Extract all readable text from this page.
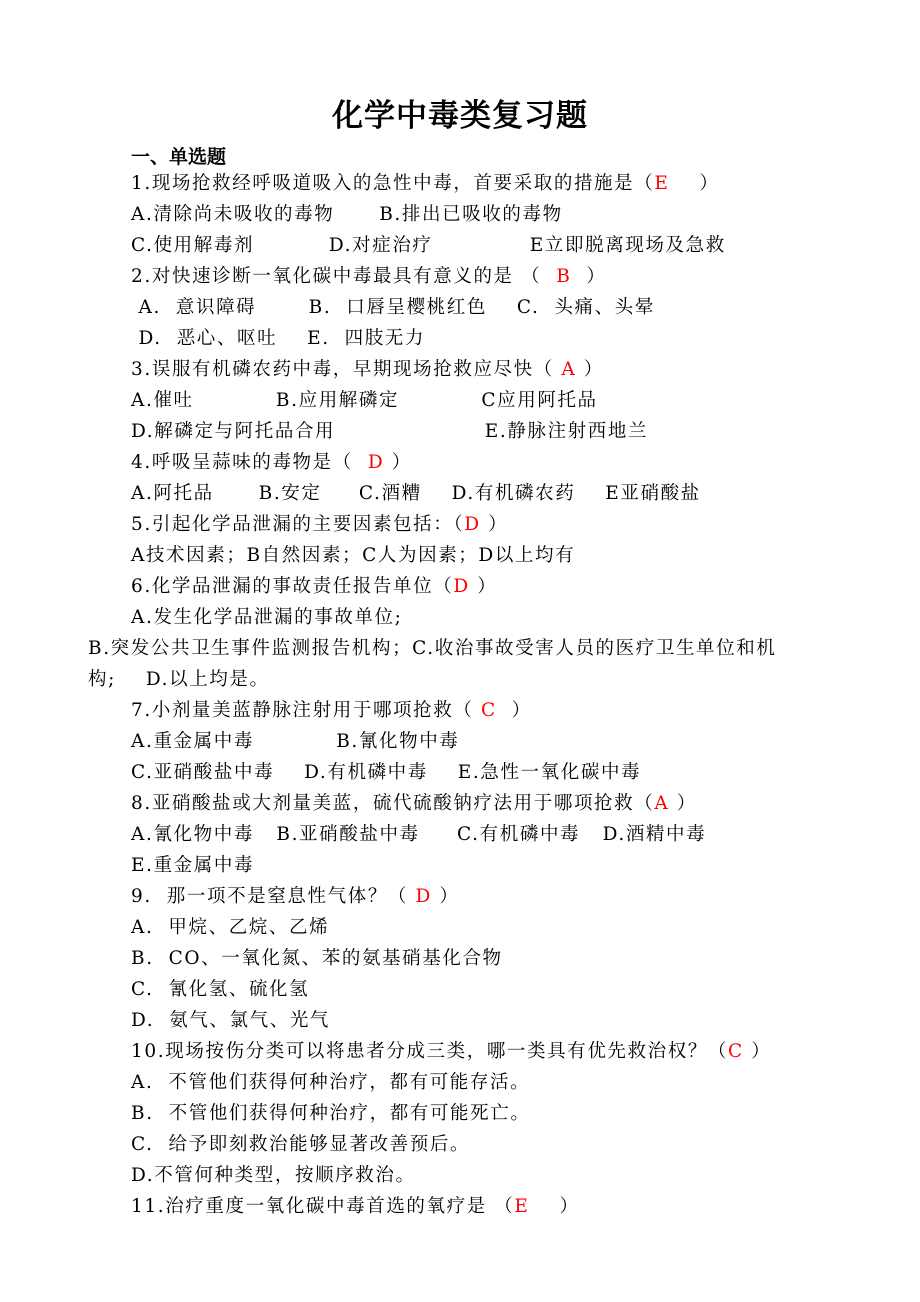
化学中毒类复习题
一、单选题
1.现场抢救经呼吸道吸入的急性中毒，首要采取的措施是（E    ）
A.清除尚未吸收的毒物      B.排出已吸收的毒物
C.使用解毒剂          D.对症治疗             E立即脱离现场及急救
2.对快速诊断一氧化碳中毒最具有意义的是 （  B  ）
A.  意识障碍       B.  口唇呈樱桃红色    C.  头痛、头晕
D.  恶心、呕吐    E.  四肢无力
3.误服有机磷农药中毒，早期现场抢救应尽快（ A ）
A.催吐           B.应用解磷定           C应用阿托品
D.解磷定与阿托品合用                    E.静脉注射西地兰
4.呼吸呈蒜味的毒物是（  D ）
A.阿托品      B.安定     C.酒糟    D.有机磷农药    E亚硝酸盐
5.引起化学品泄漏的主要因素包括：（D ）
A技术因素；B自然因素；C人为因素；D以上均有
6.化学品泄漏的事故责任报告单位（D ）
A.发生化学品泄漏的事故单位;
B.突发公共卫生事件监测报告机构；C.收治事故受害人员的医疗卫生单位和机
构;    D.以上均是。
7.小剂量美蓝静脉注射用于哪项抢救（ C  ）
A.重金属中毒           B.氰化物中毒
C.亚硝酸盐中毒    D.有机磷中毒    E.急性一氧化碳中毒
8.亚硝酸盐或大剂量美蓝，硫代硫酸钠疗法用于哪项抢救（A ）
A.氰化物中毒   B.亚硝酸盐中毒     C.有机磷中毒   D.酒精中毒
E.重金属中毒
9.  那一项不是窒息性气体？（ D ）
A.  甲烷、乙烷、乙烯
B.  CO、一氧化氮、苯的氨基硝基化合物
C.  氰化氢、硫化氢
D.  氨气、氯气、光气
10.现场按伤分类可以将患者分成三类，哪一类具有优先救治权？（C ）
A.  不管他们获得何种治疗，都有可能存活。
B.  不管他们获得何种治疗，都有可能死亡。
C.  给予即刻救治能够显著改善预后。
D.不管何种类型，按顺序救治。
11.治疗重度一氧化碳中毒首选的氧疗是 （E    ）
